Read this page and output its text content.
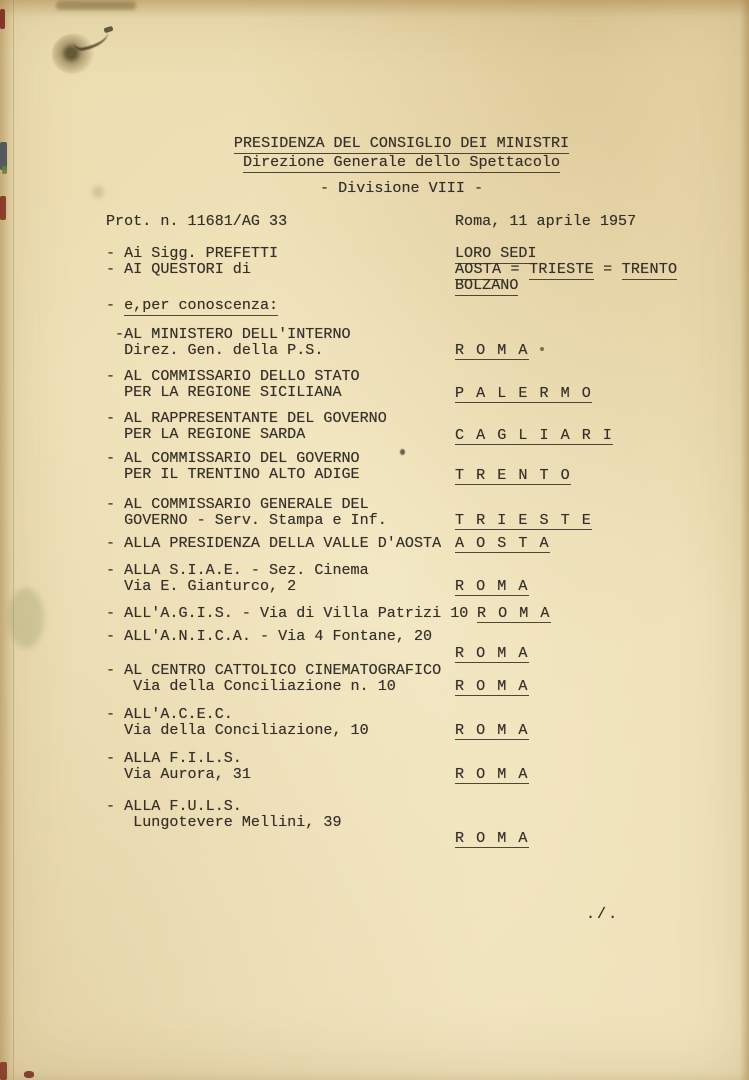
PRESIDENZA DEL CONSIGLIO DEI MINISTRI
Direzione Generale dello Spettacolo
- Divisione VIII -
Prot. n. 11681/AG 33	Roma, 11 aprile 1957
- Ai Sigg. PREFETTI
- AI QUESTORI di
LORO SEDI
AOSTA = TRIESTE = TRENTO
BOLZANO
- e,per conoscenza:
-AL MINISTERO DELL'INTERNO
Direz. Gen. della P.S.	R O M A
- AL COMMISSARIO DELLO STATO
PER LA REGIONE SICILIANA	P A L E R M O
- AL RAPPRESENTANTE DEL GOVERNO
PER LA REGIONE SARDA	C A G L I A R I
- AL COMMISSARIO DEL GOVERNO
PER IL TRENTINO ALTO ADIGE	T R E N T O
- AL COMMISSARIO GENERALE DEL
GOVERNO - Serv. Stampa e Inf.	T R I E S T E
- ALLA PRESIDENZA DELLA VALLE D'AOSTA A O S T A
- ALLA S.I.A.E. - Sez. Cinema
Via E. Gianturco, 2	R O M A
- ALL'A.G.I.S. - Via di Villa Patrizi 10 R O M A
- ALL'A.N.I.C.A. - Via 4 Fontane, 20
R O M A
- AL CENTRO CATTOLICO CINEMATOGRAFICO
Via della Conciliazione n. 10	R O M A
- ALL'A.C.E.C.
Via della Conciliazione, 10	R O M A
- ALLA F.I.L.S.
Via Aurora, 31	R O M A
- ALLA F.U.L.S.
Lungotevere Mellini, 39
R O M A
./.
